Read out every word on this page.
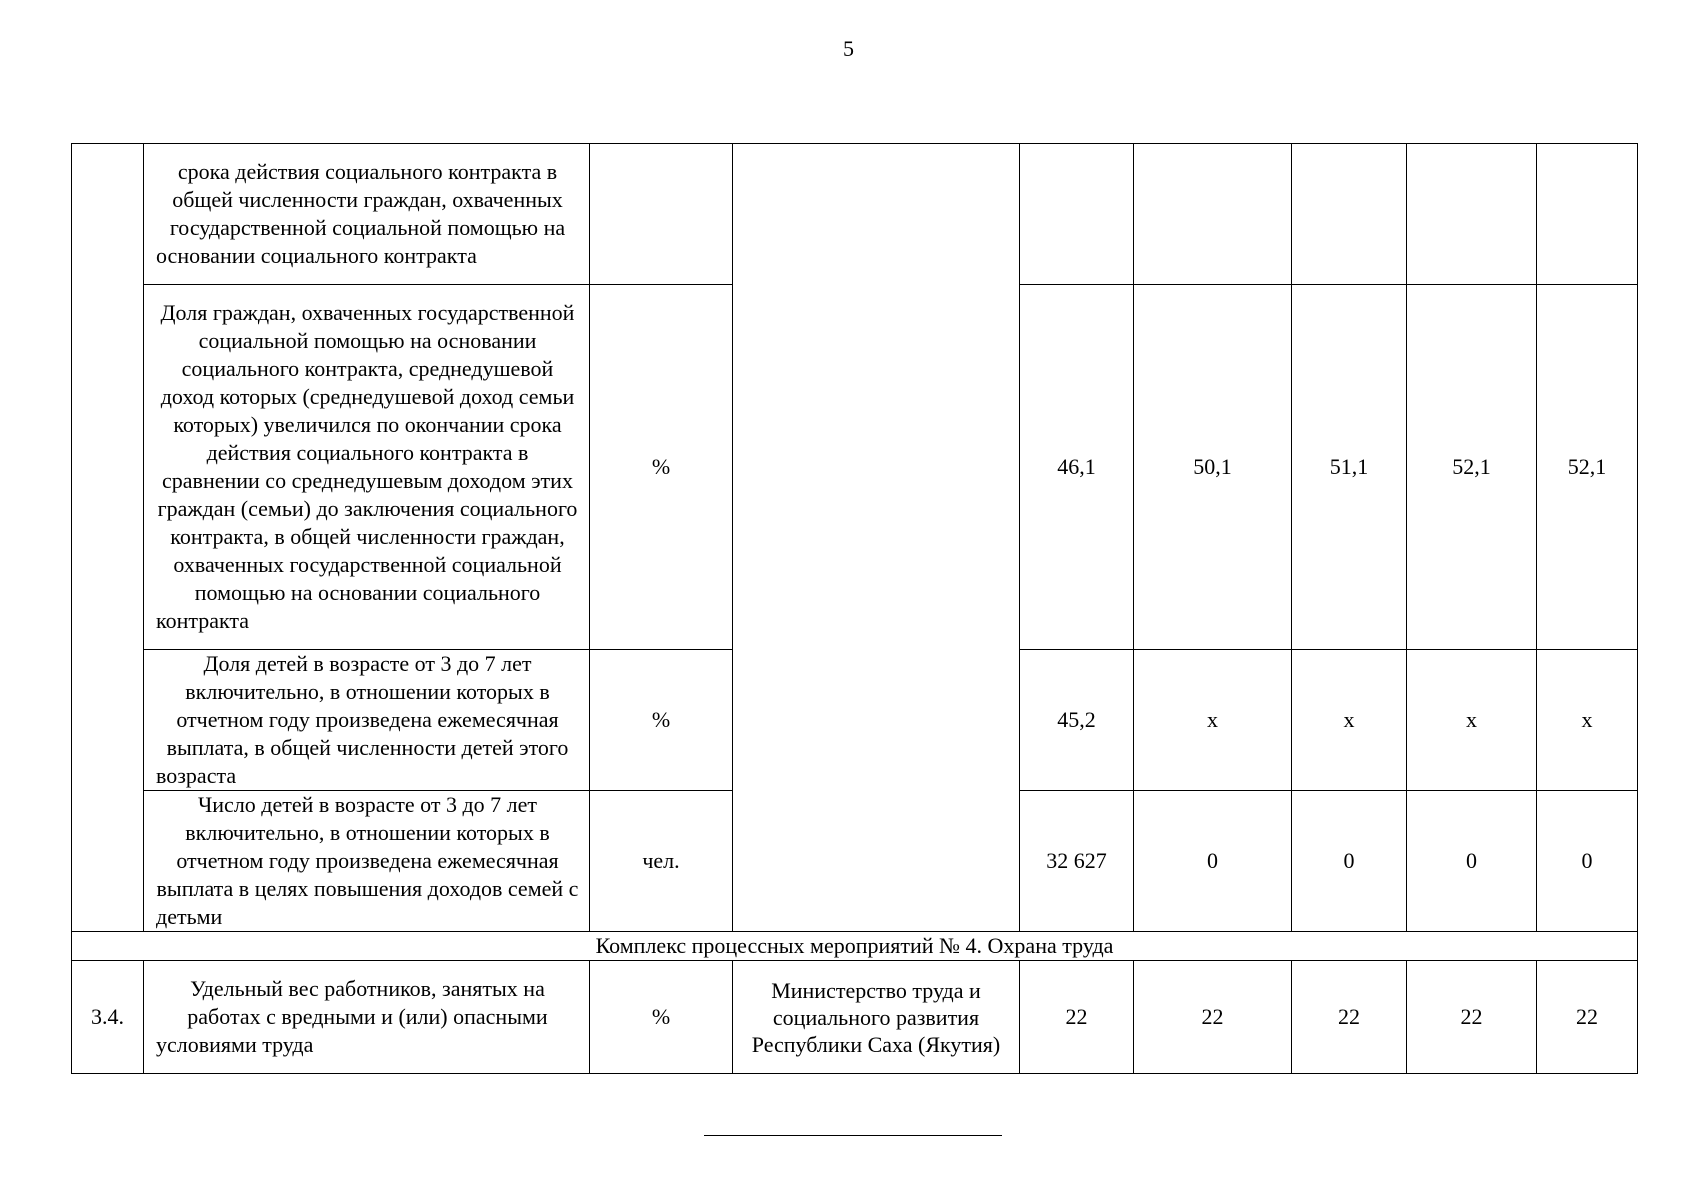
5
	срока действия социального контракта в общей численности граждан, охваченных государственной социальной помощью на основании социального контракта							
	Доля граждан, охваченных государственной социальной помощью на основании социального контракта, среднедушевой доход которых (среднедушевой доход семьи которых) увеличился по окончании срока действия социального контракта в сравнении со среднедушевым доходом этих граждан (семьи) до заключения социального контракта, в общей численности граждан, охваченных государственной социальной помощью на основании социального контракта	%		46,1	50,1	51,1	52,1	52,1
	Доля детей в возрасте от 3 до 7 лет включительно, в отношении которых в отчетном году произведена ежемесячная выплата, в общей численности детей этого возраста	%		45,2	x	x	x	x
	Число детей в возрасте от 3 до 7 лет включительно, в отношении которых в отчетном году произведена ежемесячная выплата в целях повышения доходов семей с детьми	чел.		32 627	0	0	0	0
Комплекс процессных мероприятий № 4. Охрана труда								
3.4.	Удельный вес работников, занятых на работах с вредными и (или) опасными условиями труда	%	Министерство труда и социального развития Республики Саха (Якутия)	22	22	22	22	22
